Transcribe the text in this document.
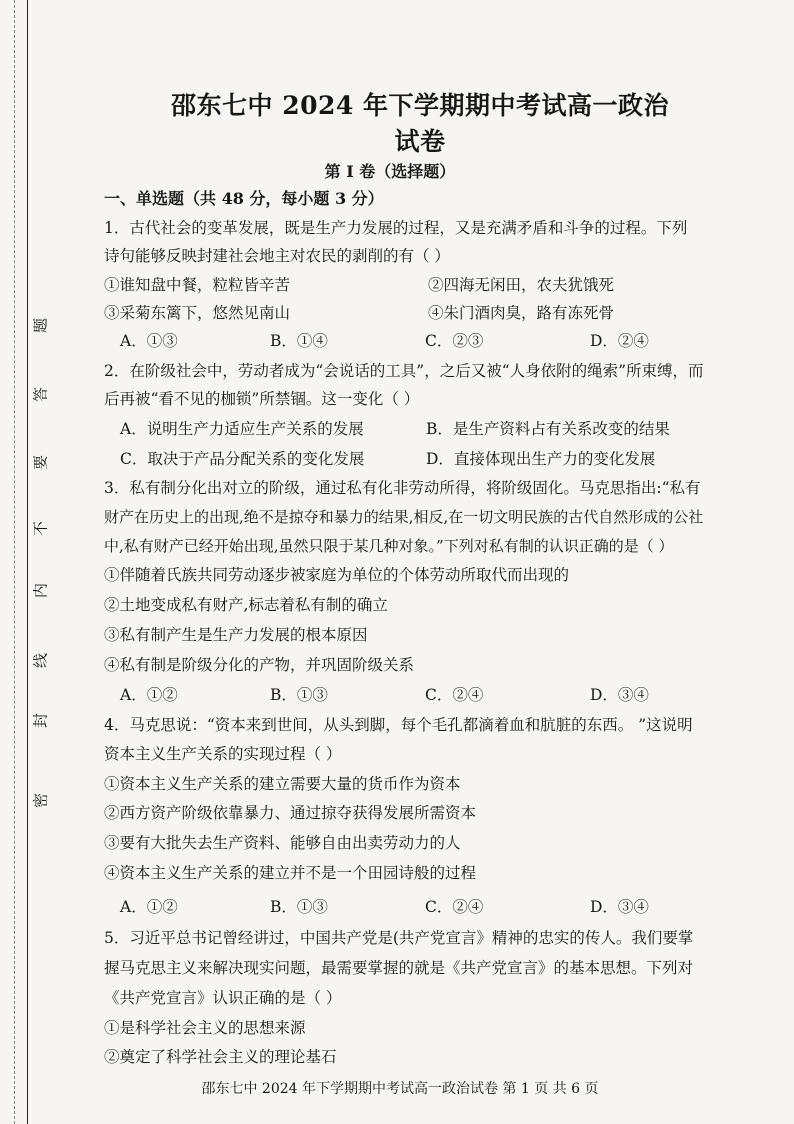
密
封
线
内
不
要
答
题
邵东七中 2024 年下学期期中考试高一政治试卷
第 I 卷（选择题）
一、单选题（共 48 分，每小题 3 分）
1．古代社会的变革发展，既是生产力发展的过程，又是充满矛盾和斗争的过程。下列
诗句能够反映封建社会地主对农民的剥削的有（ ）
①谁知盘中餐，粒粒皆辛苦	②四海无闲田，农夫犹饿死
③采菊东篱下，悠然见南山	④朱门酒肉臭，路有冻死骨
A．①③	B．①④	C．②③	D．②④
2．在阶级社会中，劳动者成为“会说话的工具”，之后又被“人身依附的绳索”所束缚，而
后再被“看不见的枷锁”所禁锢。这一变化（ ）
A．说明生产力适应生产关系的发展	B．是生产资料占有关系改变的结果
C．取决于产品分配关系的变化发展	D．直接体现出生产力的变化发展
3．私有制分化出对立的阶级，通过私有化非劳动所得，将阶级固化。马克思指出:“私有
财产在历史上的出现,绝不是掠夺和暴力的结果,相反,在一切文明民族的古代自然形成的公社
中,私有财产已经开始出现,虽然只限于某几种对象。”下列对私有制的认识正确的是（ ）
①伴随着氏族共同劳动逐步被家庭为单位的个体劳动所取代而出现的
②土地变成私有财产,标志着私有制的确立
③私有制产生是生产力发展的根本原因
④私有制是阶级分化的产物，并巩固阶级关系
A．①②	B．①③	C．②④	D．③④
4．马克思说：“资本来到世间，从头到脚，每个毛孔都滴着血和肮脏的东西。 ”这说明
资本主义生产关系的实现过程（ ）
①资本主义生产关系的建立需要大量的货币作为资本
②西方资产阶级依靠暴力、通过掠夺获得发展所需资本
③要有大批失去生产资料、能够自由出卖劳动力的人
④资本主义生产关系的建立并不是一个田园诗般的过程
A．①②	B．①③	C．②④	D．③④
5．习近平总书记曾经讲过，中国共产党是(共产党宣言》精神的忠实的传人。我们要掌
握马克思主义来解决现实问题，最需要掌握的就是《共产党宣言》的基本思想。下列对
《共产党宣言》认识正确的是（ ）
①是科学社会主义的思想来源
②奠定了科学社会主义的理论基石
邵东七中 2024 年下学期期中考试高一政治试卷 第 1 页 共 6 页
